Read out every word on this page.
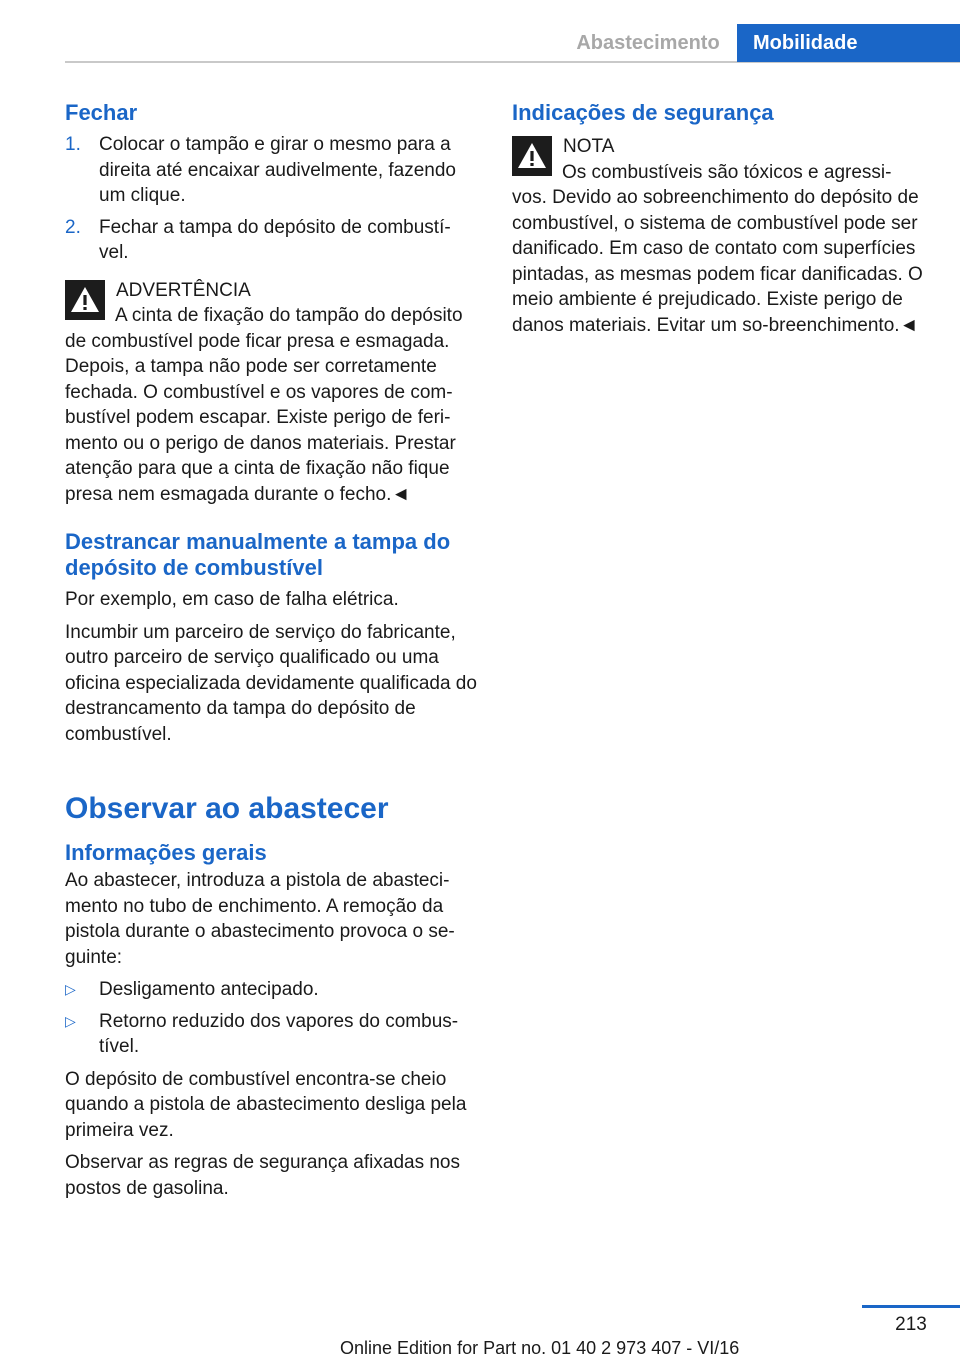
Abastecimento	Mobilidade
Fechar
1. Colocar o tampão e girar o mesmo para a direita até encaixar audivelmente, fazendo um clique.
2. Fechar a tampa do depósito de combustí-vel.
ADVERTÊNCIA
A cinta de fixação do tampão do depósito de combustível pode ficar presa e esmagada. Depois, a tampa não pode ser corretamente fechada. O combustível e os vapores de com-bustível podem escapar. Existe perigo de feri-mento ou o perigo de danos materiais. Prestar atenção para que a cinta de fixação não fique presa nem esmagada durante o fecho.◄
Destrancar manualmente a tampa do depósito de combustível

Por exemplo, em caso de falha elétrica.

Incumbir um parceiro de serviço do fabricante, outro parceiro de serviço qualificado ou uma oficina especializada devidamente qualificada do destrancamento da tampa do depósito de combustível.

Observar ao abastecer
Informações gerais

Ao abastecer, introduza a pistola de abasteci-mento no tubo de enchimento. A remoção da pistola durante o abastecimento provoca o se-guinte:

▷ Desligamento antecipado.
▷ Retorno reduzido dos vapores do combus-tível.

O depósito de combustível encontra-se cheio quando a pistola de abastecimento desliga pela primeira vez.

Observar as regras de segurança afixadas nos postos de gasolina.

Indicações de segurança
NOTA
Os combustíveis são tóxicos e agressi-vos. Devido ao sobreenchimento do depósito de combustível, o sistema de combustível pode ser danificado. Em caso de contato com superfícies pintadas, as mesmas podem ficar danificadas. O meio ambiente é prejudicado. Existe perigo de danos materiais. Evitar um so-breenchimento.◄
213
Online Edition for Part no. 01 40 2 973 407 - VI/16
